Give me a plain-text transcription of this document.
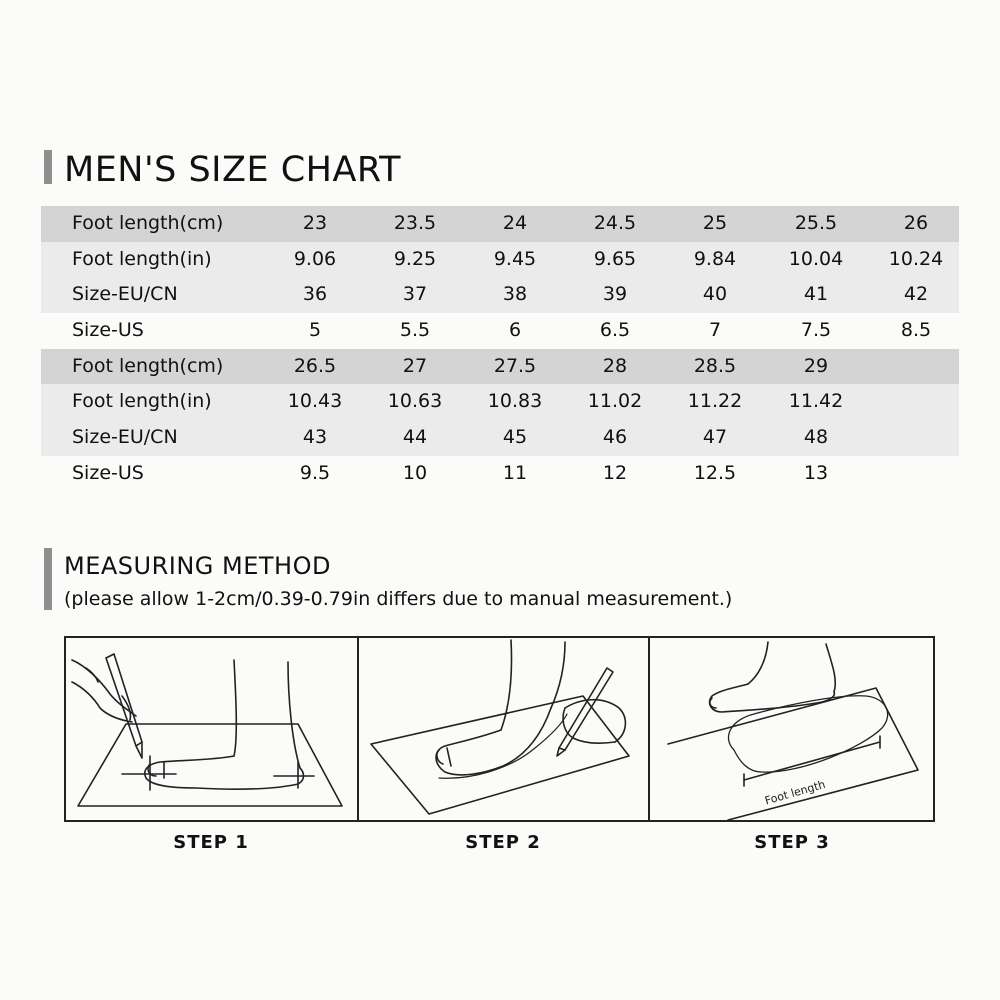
MEN'S SIZE CHART
Foot length(cm)	23	23.5	24	24.5	25	25.5	26
Foot length(in)	9.06	9.25	9.45	9.65	9.84	10.04	10.24
Size-EU/CN	36	37	38	39	40	41	42
Size-US	5	5.5	6	6.5	7	7.5	8.5
Foot length(cm)	26.5	27	27.5	28	28.5	29
Foot length(in)	10.43	10.63	10.83	11.02	11.22	11.42
Size-EU/CN	43	44	45	46	47	48
Size-US	9.5	10	11	12	12.5	13
MEASURING METHOD
(please allow 1-2cm/0.39-0.79in differs due to manual measurement.)
Foot length
STEP 1	STEP 2	STEP 3
